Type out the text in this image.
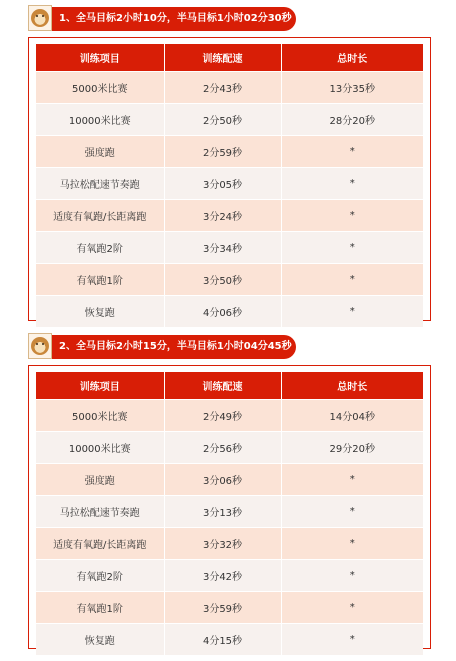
1、全马目标2小时10分，半马目标1小时02分30秒
训练项目	训练配速	总时长
5000米比赛	2分43秒	13分35秒
10000米比赛	2分50秒	28分20秒
强度跑	2分59秒	*
马拉松配速节奏跑	3分05秒	*
适度有氧跑/长距离跑	3分24秒	*
有氧跑2阶	3分34秒	*
有氧跑1阶	3分50秒	*
恢复跑	4分06秒	*
2、全马目标2小时15分，半马目标1小时04分45秒
训练项目	训练配速	总时长
5000米比赛	2分49秒	14分04秒
10000米比赛	2分56秒	29分20秒
强度跑	3分06秒	*
马拉松配速节奏跑	3分13秒	*
适度有氧跑/长距离跑	3分32秒	*
有氧跑2阶	3分42秒	*
有氧跑1阶	3分59秒	*
恢复跑	4分15秒	*
